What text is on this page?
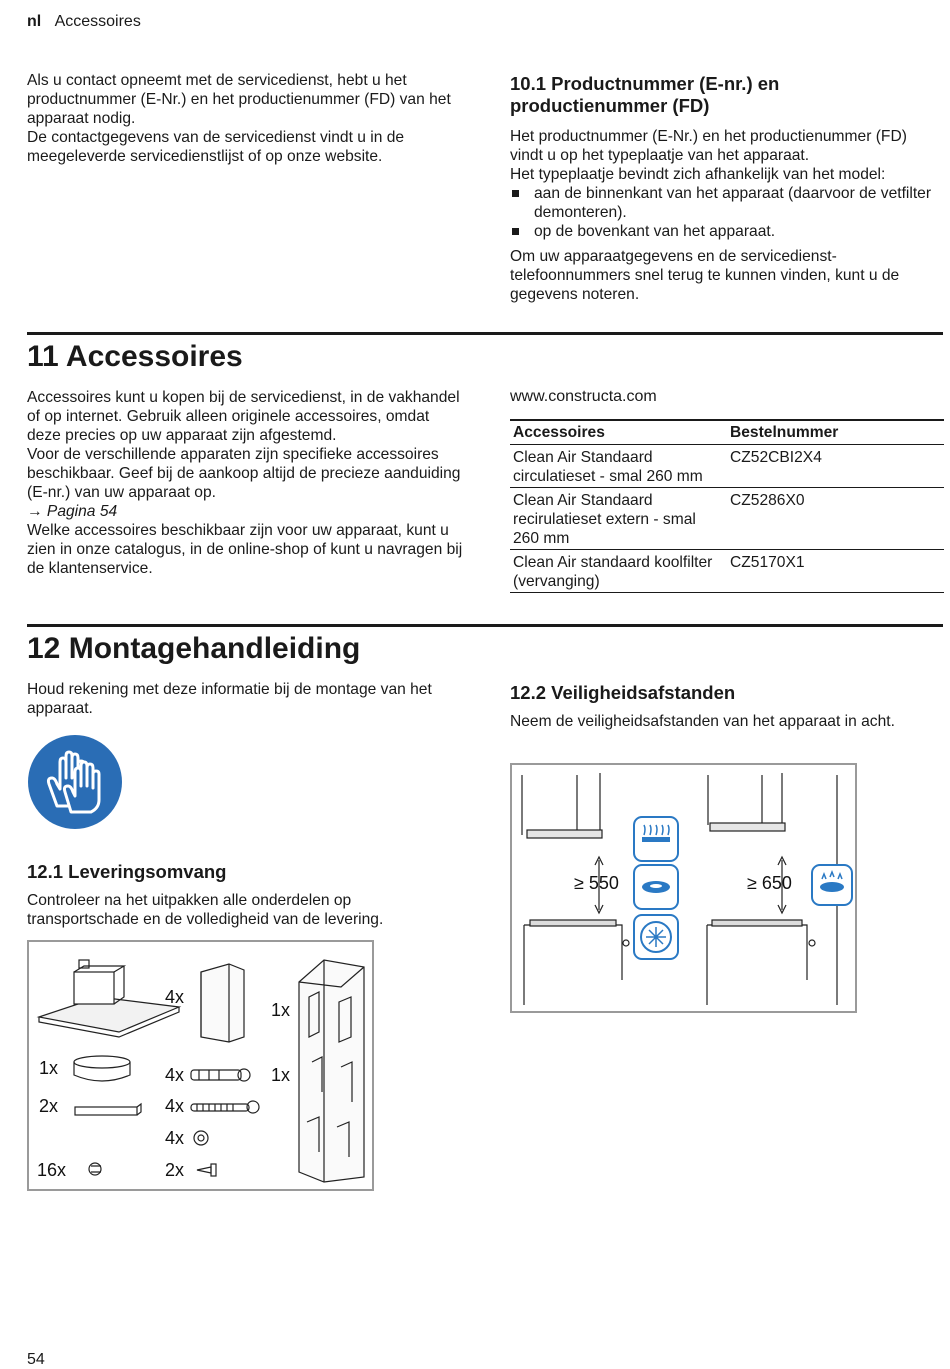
nl Accessoires

Als u contact opneemt met de servicedienst, hebt u het productnummer (E-Nr.) en het productienummer (FD) van het apparaat nodig.

De contactgegevens van de servicedienst vindt u in de meegeleverde servicedienstlijst of op onze website.

10.1 Productnummer (E-nr.) en

productienummer (FD)

Het productnummer (E-Nr.) en het productienummer (FD) vindt u op het typeplaatje van het apparaat.

Het typeplaatje bevindt zich afhankelijk van het model:

aan de binnenkant van het apparaat (daarvoor de vetfilter demonteren).
op de bovenkant van het apparaat.

Om uw apparaatgegevens en de servicedienst-telefoonnummers snel terug te kunnen vinden, kunt u de gegevens noteren.

11 Accessoires

Accessoires kunt u kopen bij de servicedienst, in de vakhandel of op internet. Gebruik alleen originele accessoires, omdat deze precies op uw apparaat zijn afgestemd.

Voor de verschillende apparaten zijn specifieke accessoires beschikbaar. Geef bij de aankoop altijd de precieze aanduiding (E-nr.) van uw apparaat op.

→ Pagina 54

Welke accessoires beschikbaar zijn voor uw apparaat, kunt u zien in onze catalogus, in de online-shop of kunt u navragen bij de klantenservice.

www.constructa.com
Accessoires	Bestelnummer
Clean Air Standaard circulatieset - smal 260 mm	CZ52CBI2X4
Clean Air Standaard recirulatieset extern - smal 260 mm	CZ5286X0
Clean Air standaard koolfilter (vervanging)	CZ5170X1

12 Montagehandleiding

Houd rekening met deze informatie bij de montage van het apparaat.

12.1 Leveringsomvang

Controleer na het uitpakken alle onderdelen op transportschade en de volledigheid van de levering.

12.2 Veiligheidsafstanden

Neem de veiligheidsafstanden van het apparaat in acht.

4x
1x
1x	4x	1x
2x	4x
4x
16x	2x
≥ 550	≥ 650
54
